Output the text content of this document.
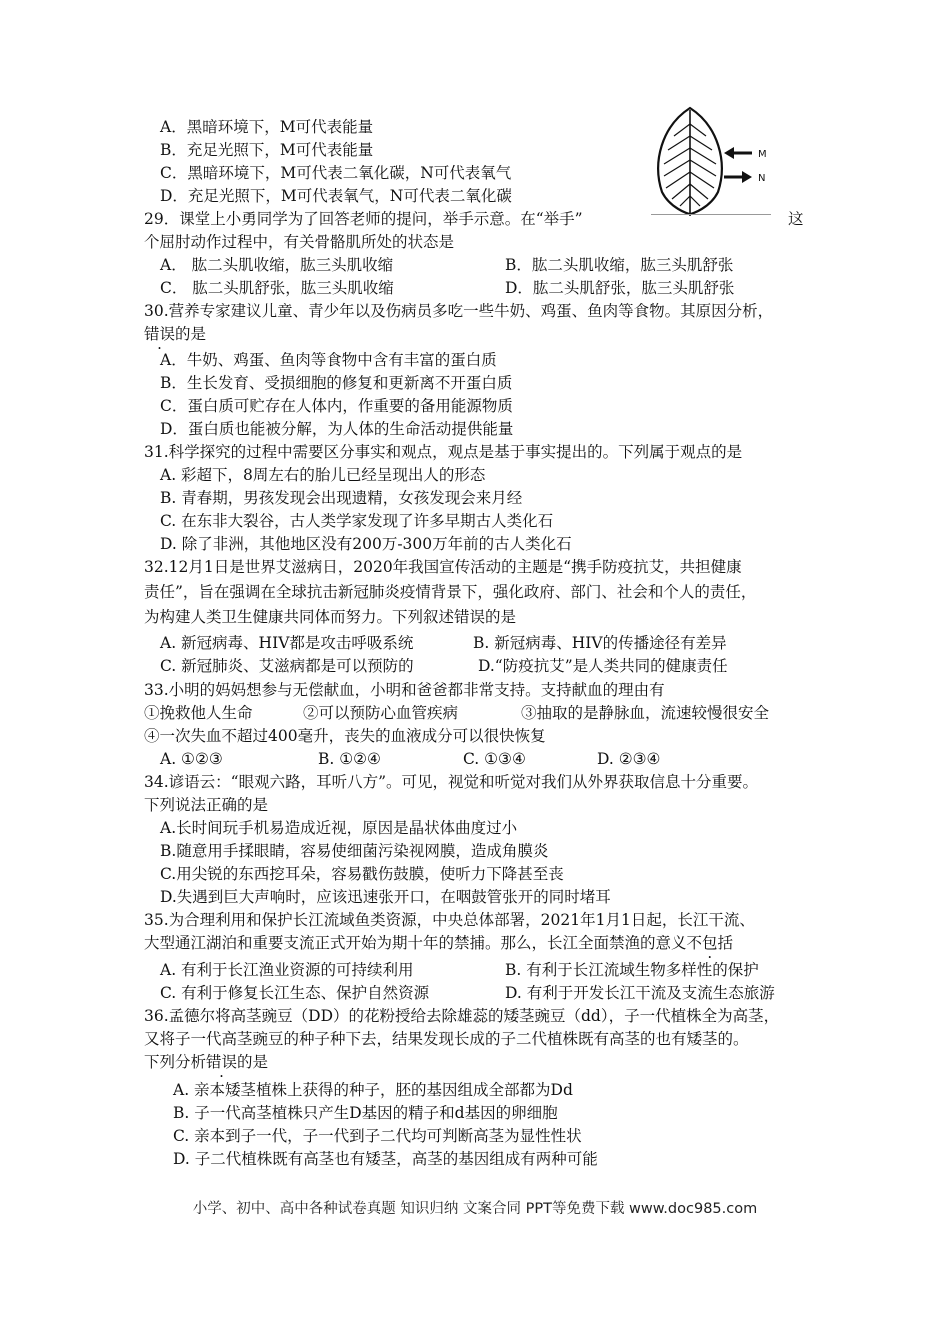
A．黑暗环境下，M可代表能量
B．充足光照下，M可代表能量
C．黑暗环境下，M可代表二氧化碳，N可代表氧气
D．充足光照下，M可代表氧气，N可代表二氧化碳
M
N
29．课堂上小勇同学为了回答老师的提问，举手示意。在“举手”	这
个屈肘动作过程中，有关骨骼肌所处的状态是
A． 肱二头肌收缩，肱三头肌收缩	B．肱二头肌收缩，肱三头肌舒张
C． 肱二头肌舒张，肱三头肌收缩	D．肱二头肌舒张，肱三头肌舒张
30.营养专家建议儿童、青少年以及伤病员多吃一些牛奶、鸡蛋、鱼肉等食物。其原因分析，
错误的是
A．牛奶、鸡蛋、鱼肉等食物中含有丰富的蛋白质
B．生长发育、受损细胞的修复和更新离不开蛋白质
C．蛋白质可贮存在人体内，作重要的备用能源物质
D．蛋白质也能被分解，为人体的生命活动提供能量
31.科学探究的过程中需要区分事实和观点，观点是基于事实提出的。下列属于观点的是
A. 彩超下，8周左右的胎儿已经呈现出人的形态
B. 青春期，男孩发现会出现遗精，女孩发现会来月经
C. 在东非大裂谷，古人类学家发现了许多早期古人类化石
D. 除了非洲，其他地区没有200万-300万年前的古人类化石
32.12月1日是世界艾滋病日，2020年我国宣传活动的主题是“携手防疫抗艾，共担健康
责任”，旨在强调在全球抗击新冠肺炎疫情背景下，强化政府、部门、社会和个人的责任，
为构建人类卫生健康共同体而努力。下列叙述错误的是
A. 新冠病毒、HIV都是攻击呼吸系统	B. 新冠病毒、HIV的传播途径有差异
C. 新冠肺炎、艾滋病都是可以预防的	D.“防疫抗艾”是人类共同的健康责任
33.小明的妈妈想参与无偿献血，小明和爸爸都非常支持。支持献血的理由有
①挽救他人生命	②可以预防心血管疾病	③抽取的是静脉血，流速较慢很安全
④一次失血不超过400毫升，丧失的血液成分可以很快恢复
A. ①②③	B. ①②④	C. ①③④	D. ②③④
34.谚语云：“眼观六路，耳听八方”。可见，视觉和听觉对我们从外界获取信息十分重要。
下列说法正确的是
A.长时间玩手机易造成近视，原因是晶状体曲度过小
B.随意用手揉眼睛，容易使细菌污染视网膜，造成角膜炎
C.用尖锐的东西挖耳朵，容易戳伤鼓膜，使听力下降甚至丧
D.失遇到巨大声响时，应该迅速张开口，在咽鼓管张开的同时堵耳
35.为合理利用和保护长江流域鱼类资源，中央总体部署，2021年1月1日起，长江干流、
大型通江湖泊和重要支流正式开始为期十年的禁捕。那么，长江全面禁渔的意义不包括
A. 有利于长江渔业资源的可持续利用	B. 有利于长江流域生物多样性的保护
C. 有利于修复长江生态、保护自然资源	D. 有利于开发长江干流及支流生态旅游
36.孟德尔将高茎豌豆（DD）的花粉授给去除雄蕊的矮茎豌豆（dd），子一代植株全为高茎，
又将子一代高茎豌豆的种子种下去，结果发现长成的子二代植株既有高茎的也有矮茎的。
下列分析错误的是
A. 亲本矮茎植株上获得的种子，胚的基因组成全部都为Dd
B. 子一代高茎植株只产生D基因的精子和d基因的卵细胞
C. 亲本到子一代，子一代到子二代均可判断高茎为显性性状
D. 子二代植株既有高茎也有矮茎，高茎的基因组成有两种可能
小学、初中、高中各种试卷真题 知识归纳 文案合同 PPT等免费下载 www.doc985.com
